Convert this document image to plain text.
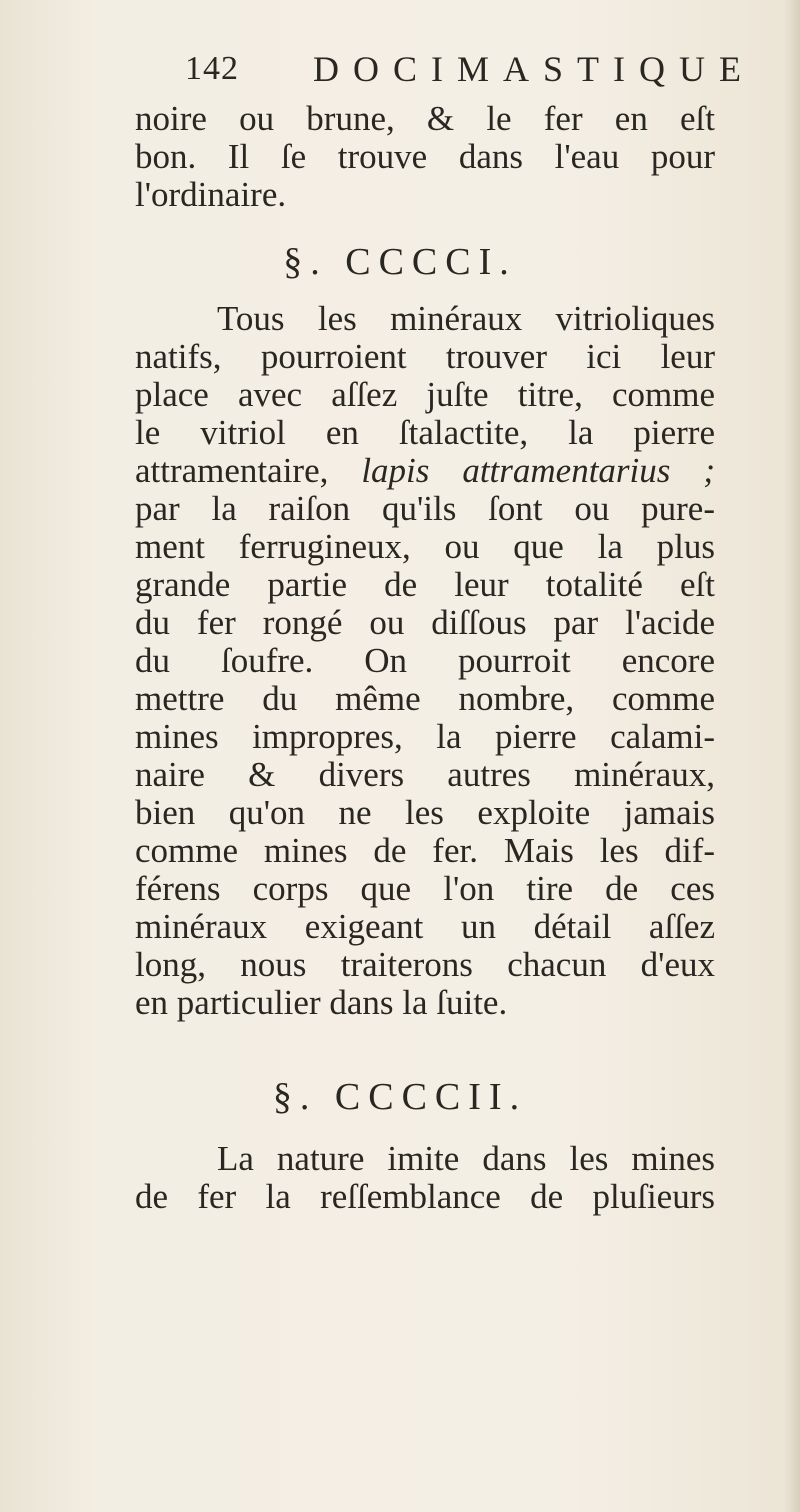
142 DOCIMASTIQUE
noire ou brune, & le fer en eſt
bon. Il ſe trouve dans l'eau pour
l'ordinaire.
§. CCCCI.
Tous les minéraux vitrioliques
natifs, pourroient trouver ici leur
place avec aſſez juſte titre, comme
le vitriol en ſtalactite, la pierre
attramentaire, lapis attramentarius ;
par la raiſon qu'ils ſont ou pure-
ment ferrugineux, ou que la plus
grande partie de leur totalité eſt
du fer rongé ou diſſous par l'acide
du ſoufre. On pourroit encore
mettre du même nombre, comme
mines impropres, la pierre calami-
naire & divers autres minéraux,
bien qu'on ne les exploite jamais
comme mines de fer. Mais les dif-
férens corps que l'on tire de ces
minéraux exigeant un détail aſſez
long, nous traiterons chacun d'eux
en particulier dans la ſuite.
§. CCCCII.
La nature imite dans les mines
de fer la reſſemblance de pluſieurs
